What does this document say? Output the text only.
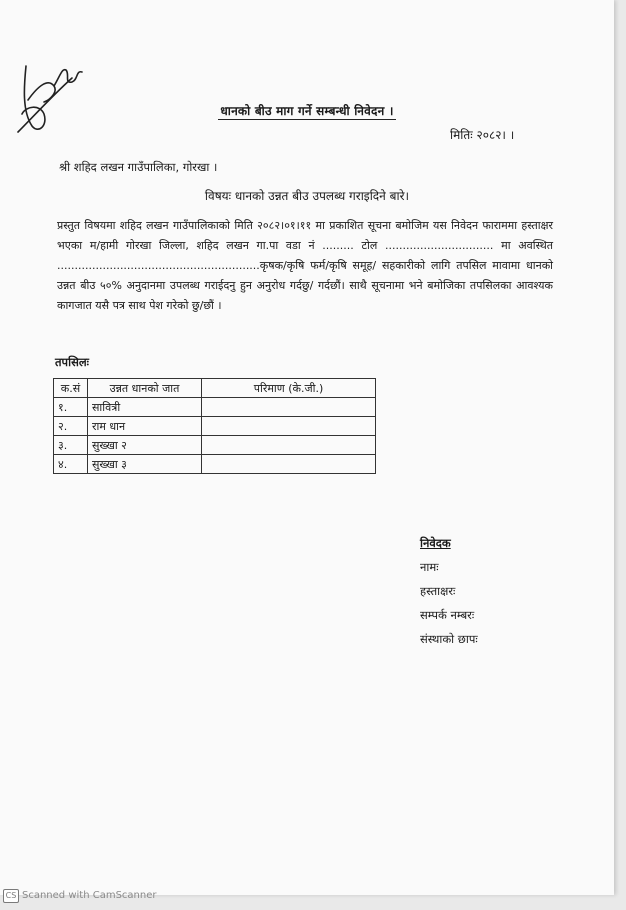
धानको बीउ माग गर्ने सम्बन्धी निवेदन ।
मितिः २०८२। ।
श्री शहिद लखन गाउँपालिका, गोरखा ।
विषयः धानको उन्नत बीउ उपलब्ध गराइदिने बारे।

प्रस्तुत विषयमा शहिद लखन गाउँपालिकाको मिति २०८२।०१।११ मा प्रकाशित सूचना बमोजिम यस निवेदन फाराममा हस्ताक्षर भएका म/हामी गोरखा जिल्ला, शहिद लखन गा.पा वडा नं ......... टोल ............................... मा अवस्थित ..........................................................कृषक/कृषि फर्म/कृषि समूह/ सहकारीको लागि तपसिल मावामा धानको उन्नत बीउ ५०% अनुदानमा उपलब्ध गराईदनु हुन अनुरोध गर्दछु/ गर्दछौं। साथै सूचनामा भने बमोजिका तपसिलका आवश्यक कागजात यसै पत्र साथ पेश गरेको छु/छौं ।

तपसिलः
क.सं	उन्नत धानको जात	परिमाण (के.जी.)
१.	सावित्री	
२.	राम धान	
३.	सुख्खा २	
४.	सुख्खा ३	
निवेदक
नामः
हस्ताक्षरः
सम्पर्क नम्बरः
संस्थाको छापः
CS Scanned with CamScanner
